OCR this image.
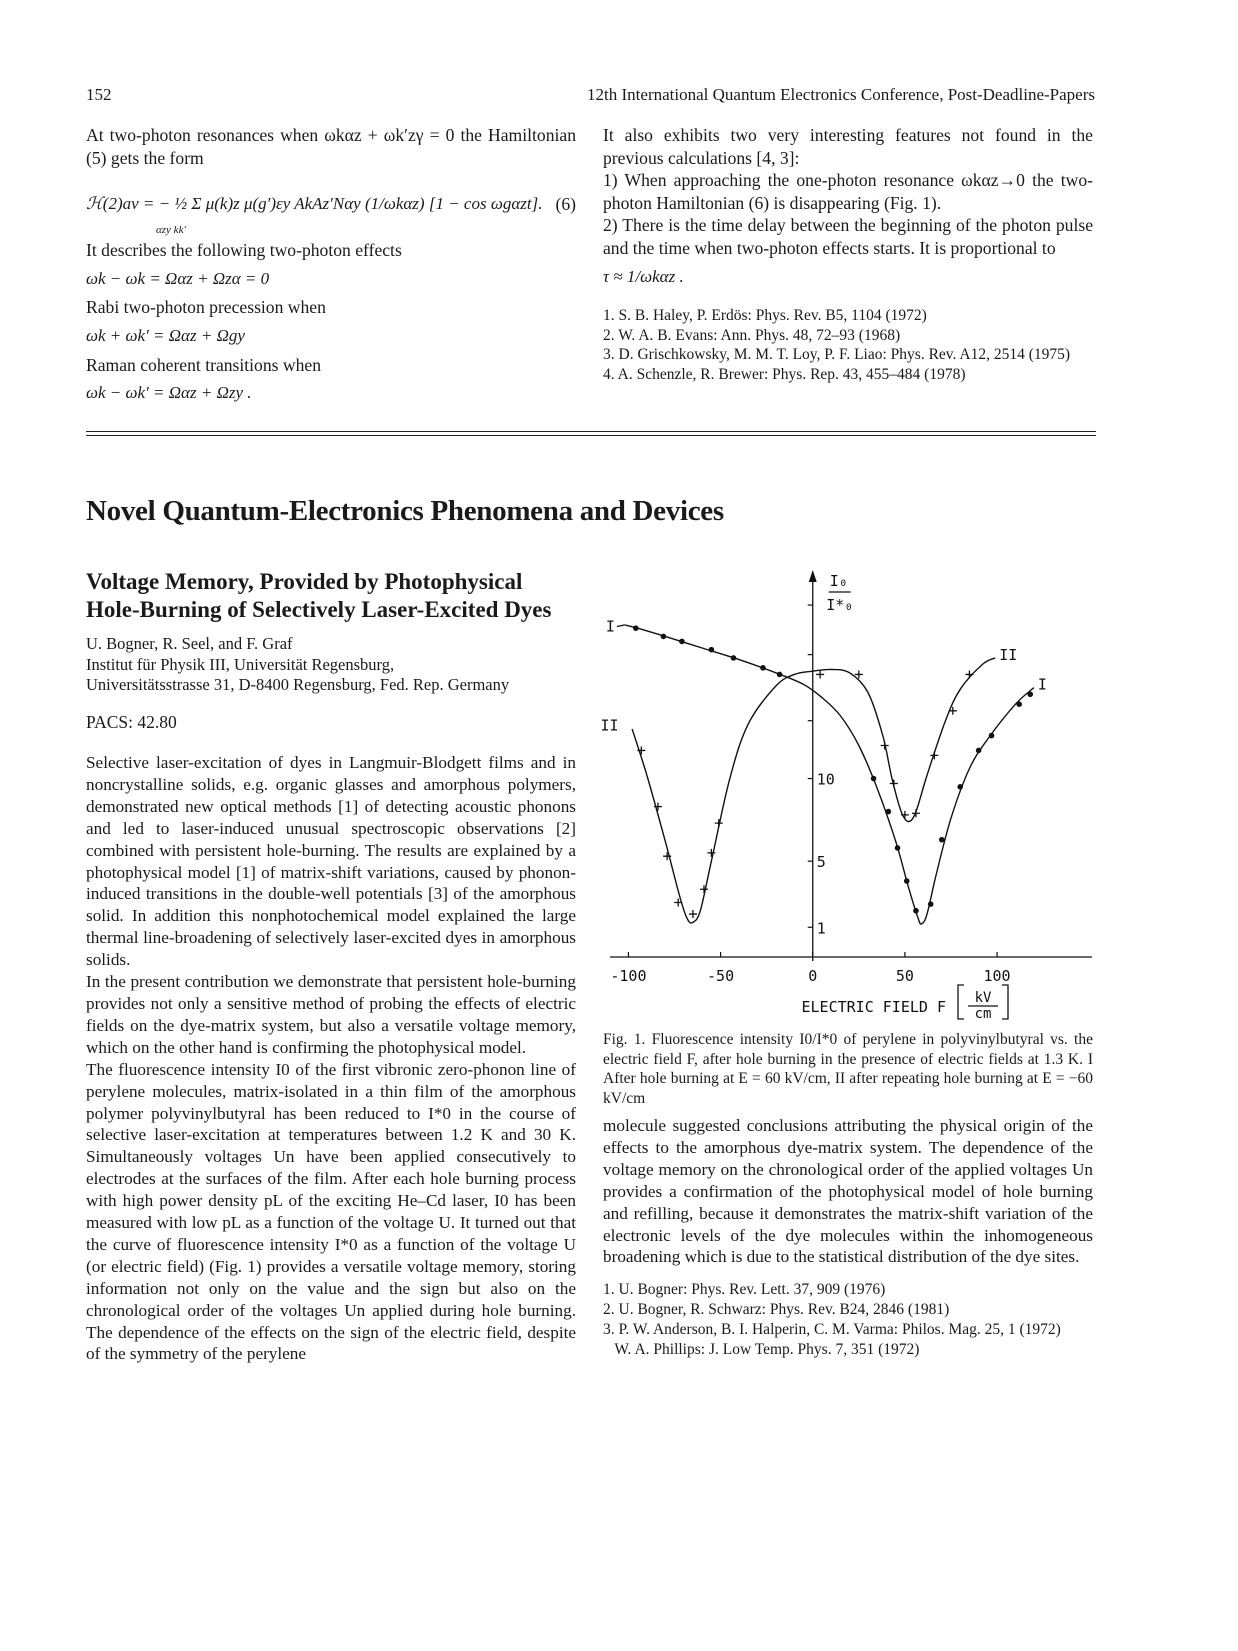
152	12th International Quantum Electronics Conference, Post-Deadline-Papers

At two-photon resonances when ωkαz + ωk′zγ = 0 the Hamiltonian (5) gets the form

ℋ(2)av = − ½ Σ μ(k)z μ(g′)εy AkAz′Nαy (1/ωkαz) [1 − cos ωgαzt].
αzy kk′
(6)

It describes the following two-photon effects

ωk − ωk = Ωαz + Ωzα = 0

Rabi two-photon precession when

ωk + ωk′ = Ωαz + Ωgy

Raman coherent transitions when

ωk − ωk′ = Ωαz + Ωzy .

It also exhibits two very interesting features not found in the previous calculations [4, 3]:

1) When approaching the one-photon resonance ωkαz→0 the two-photon Hamiltonian (6) is disappearing (Fig. 1).

2) There is the time delay between the beginning of the photon pulse and the time when two-photon effects starts. It is proportional to

τ ≈ 1/ωkαz .

1. S. B. Haley, P. Erdös: Phys. Rev. B5, 1104 (1972)
2. W. A. B. Evans: Ann. Phys. 48, 72–93 (1968)
3. D. Grischkowsky, M. M. T. Loy, P. F. Liao: Phys. Rev. A12, 2514 (1975)
4. A. Schenzle, R. Brewer: Phys. Rep. 43, 455–484 (1978)
Novel Quantum-Electronics Phenomena and Devices
Voltage Memory, Provided by Photophysical
Hole-Burning of Selectively Laser-Excited Dyes
U. Bogner, R. Seel, and F. Graf
Institut für Physik III, Universität Regensburg,
Universitätsstrasse 31, D-8400 Regensburg, Fed. Rep. Germany
PACS: 42.80

Selective laser-excitation of dyes in Langmuir-Blodgett films and in noncrystalline solids, e.g. organic glasses and amorphous polymers, demonstrated new optical methods [1] of detecting acoustic phonons and led to laser-induced unusual spectroscopic observations [2] combined with persistent hole-burning. The results are explained by a photophysical model [1] of matrix-shift variations, caused by phonon-induced transitions in the double-well potentials [3] of the amorphous solid. In addition this nonphotochemical model explained the large thermal line-broadening of selectively laser-excited dyes in amorphous solids.

In the present contribution we demonstrate that persistent hole-burning provides not only a sensitive method of probing the effects of electric fields on the dye-matrix system, but also a versatile voltage memory, which on the other hand is confirming the photophysical model.

The fluorescence intensity I0 of the first vibronic zero-phonon line of perylene molecules, matrix-isolated in a thin film of the amorphous polymer polyvinylbutyral has been reduced to I*0 in the course of selective laser-excitation at temperatures between 1.2 K and 30 K. Simultaneously voltages Un have been applied consecutively to electrodes at the surfaces of the film. After each hole burning process with high power density pL of the exciting He–Cd laser, I0 has been measured with low pL as a function of the voltage U. It turned out that the curve of fluorescence intensity I*0 as a function of the voltage U (or electric field) (Fig. 1) provides a versatile voltage memory, storing information not only on the value and the sign but also on the chronological order of the voltages Un applied during hole burning. The dependence of the effects on the sign of the electric field, despite of the symmetry of the perylene

-100	-50	0	50	100
1
5
10
I₀
I*₀
ELECTRIC FIELD F kV
cm
I
I
II
II
Fig. 1. Fluorescence intensity I0/I*0 of perylene in polyvinylbutyral vs. the electric field F, after hole burning in the presence of electric fields at 1.3 K. I After hole burning at E = 60 kV/cm, II after repeating hole burning at E = −60 kV/cm

molecule suggested conclusions attributing the physical origin of the effects to the amorphous dye-matrix system. The dependence of the voltage memory on the chronological order of the applied voltages Un provides a confirmation of the photophysical model of hole burning and refilling, because it demonstrates the matrix-shift variation of the electronic levels of the dye molecules within the inhomogeneous broadening which is due to the statistical distribution of the dye sites.

1. U. Bogner: Phys. Rev. Lett. 37, 909 (1976)
2. U. Bogner, R. Schwarz: Phys. Rev. B24, 2846 (1981)
3. P. W. Anderson, B. I. Halperin, C. M. Varma: Philos. Mag. 25, 1 (1972)
W. A. Phillips: J. Low Temp. Phys. 7, 351 (1972)
